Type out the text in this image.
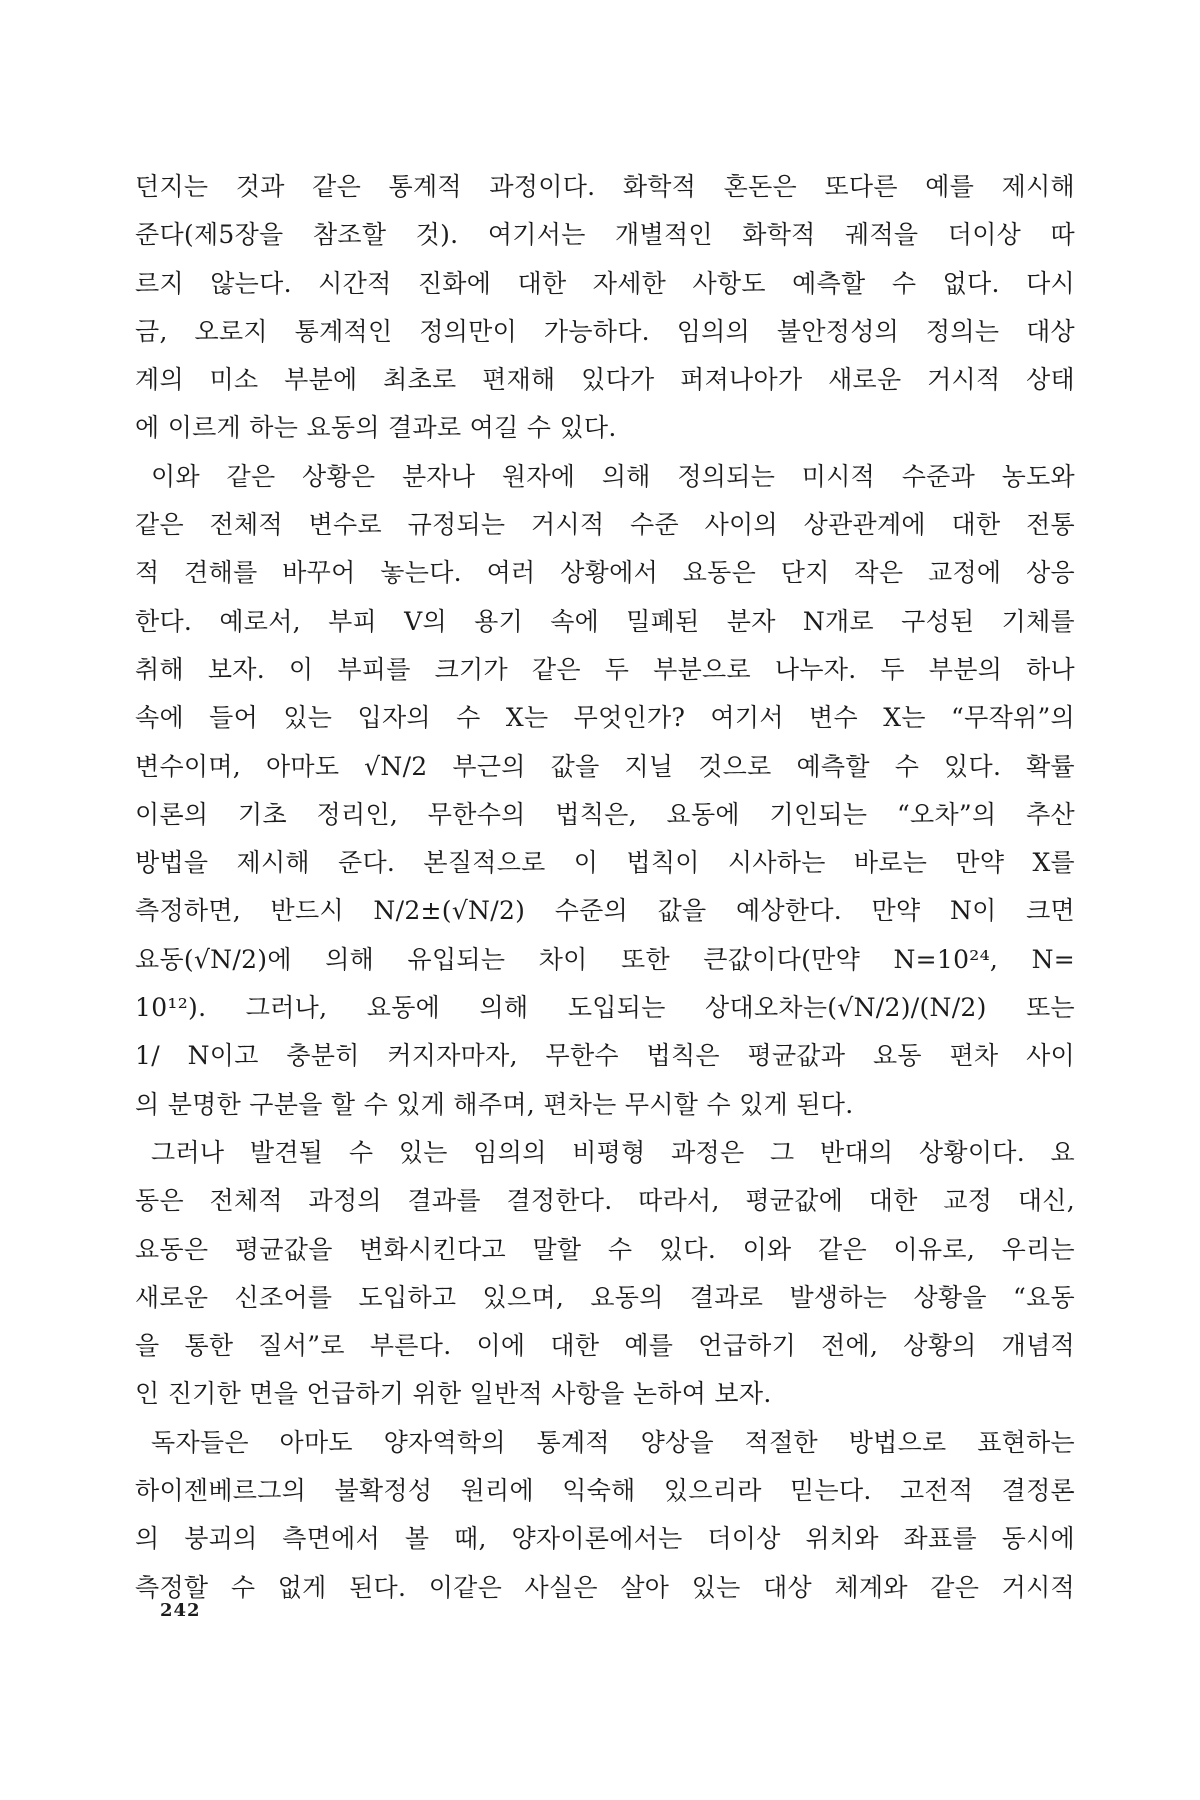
던지는 것과 같은 통계적 과정이다. 화학적 혼돈은 또다른 예를 제시해
준다(제5장을 참조할 것). 여기서는 개별적인 화학적 궤적을 더이상 따
르지 않는다. 시간적 진화에 대한 자세한 사항도 예측할 수 없다. 다시
금, 오로지 통계적인 정의만이 가능하다. 임의의 불안정성의 정의는 대상
계의 미소 부분에 최초로 편재해 있다가 퍼져나아가 새로운 거시적 상태
에 이르게 하는 요동의 결과로 여길 수 있다.
이와 같은 상황은 분자나 원자에 의해 정의되는 미시적 수준과 농도와
같은 전체적 변수로 규정되는 거시적 수준 사이의 상관관계에 대한 전통
적 견해를 바꾸어 놓는다. 여러 상황에서 요동은 단지 작은 교정에 상응
한다. 예로서, 부피 V의 용기 속에 밀폐된 분자 N개로 구성된 기체를
취해 보자. 이 부피를 크기가 같은 두 부분으로 나누자. 두 부분의 하나
속에 들어 있는 입자의 수 X는 무엇인가? 여기서 변수 X는 “무작위”의
변수이며, 아마도 √N/2 부근의 값을 지닐 것으로 예측할 수 있다. 확률
이론의 기초 정리인, 무한수의 법칙은, 요동에 기인되는 “오차”의 추산
방법을 제시해 준다. 본질적으로 이 법칙이 시사하는 바로는 만약 X를
측정하면, 반드시 N/2±(√N/2) 수준의 값을 예상한다. 만약 N이 크면
요동(√N/2)에 의해 유입되는 차이 또한 큰값이다(만약 N=10²⁴, N=
10¹²). 그러나, 요동에 의해 도입되는 상대오차는(√N/2)/(N/2) 또는
1/ N이고 충분히 커지자마자, 무한수 법칙은 평균값과 요동 편차 사이
의 분명한 구분을 할 수 있게 해주며, 편차는 무시할 수 있게 된다.
그러나 발견될 수 있는 임의의 비평형 과정은 그 반대의 상황이다. 요
동은 전체적 과정의 결과를 결정한다. 따라서, 평균값에 대한 교정 대신,
요동은 평균값을 변화시킨다고 말할 수 있다. 이와 같은 이유로, 우리는
새로운 신조어를 도입하고 있으며, 요동의 결과로 발생하는 상황을 “요동
을 통한 질서”로 부른다. 이에 대한 예를 언급하기 전에, 상황의 개념적
인 진기한 면을 언급하기 위한 일반적 사항을 논하여 보자.
독자들은 아마도 양자역학의 통계적 양상을 적절한 방법으로 표현하는
하이젠베르그의 불확정성 원리에 익숙해 있으리라 믿는다. 고전적 결정론
의 붕괴의 측면에서 볼 때, 양자이론에서는 더이상 위치와 좌표를 동시에
측정할 수 없게 된다. 이같은 사실은 살아 있는 대상 체계와 같은 거시적
242
